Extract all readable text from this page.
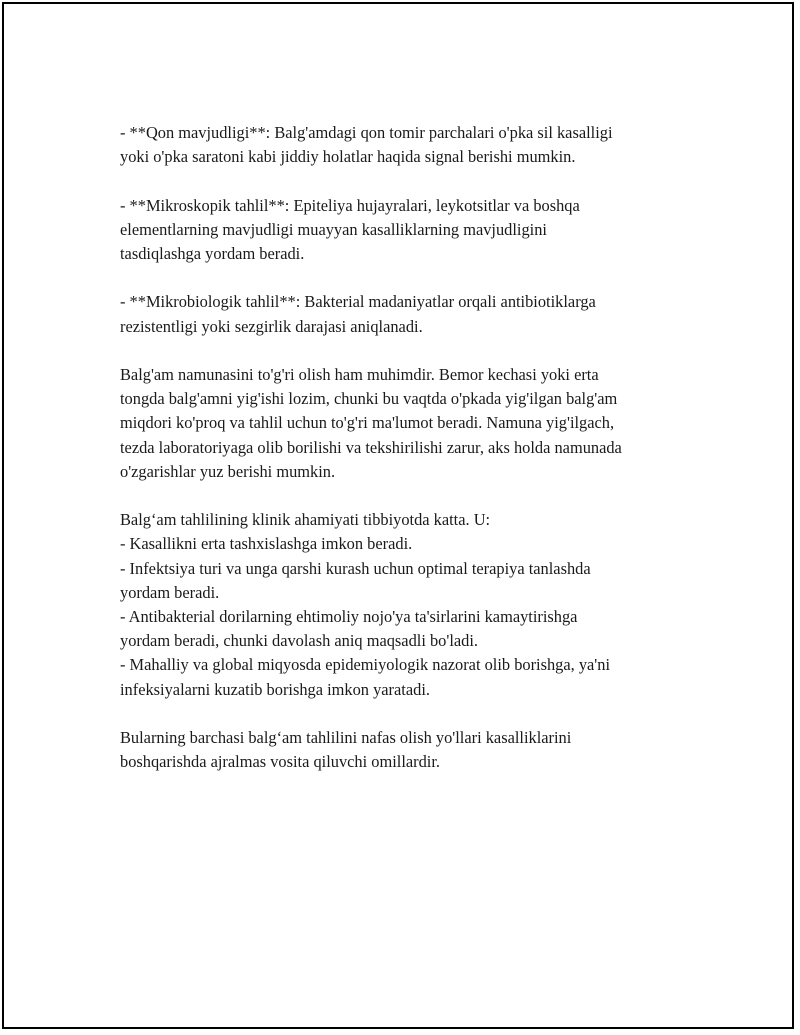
- **Qon mavjudligi**: Balg'amdagi qon tomir parchalari o'pka sil kasalligi
yoki o'pka saratoni kabi jiddiy holatlar haqida signal berishi mumkin.

- **Mikroskopik tahlil**: Epiteliya hujayralari, leykotsitlar va boshqa
elementlarning mavjudligi muayyan kasalliklarning mavjudligini
tasdiqlashga yordam beradi.

- **Mikrobiologik tahlil**: Bakterial madaniyatlar orqali antibiotiklarga
rezistentligi yoki sezgirlik darajasi aniqlanadi.

Balg'am namunasini to'g'ri olish ham muhimdir. Bemor kechasi yoki erta
tongda balg'amni yig'ishi lozim, chunki bu vaqtda o'pkada yig'ilgan balg'am
miqdori ko'proq va tahlil uchun to'g'ri ma'lumot beradi. Namuna yig'ilgach,
tezda laboratoriyaga olib borilishi va tekshirilishi zarur, aks holda namunada
o'zgarishlar yuz berishi mumkin.

Balg‘am tahlilining klinik ahamiyati tibbiyotda katta. U:
- Kasallikni erta tashxislashga imkon beradi.
- Infektsiya turi va unga qarshi kurash uchun optimal terapiya tanlashda
yordam beradi.
- Antibakterial dorilarning ehtimoliy nojo'ya ta'sirlarini kamaytirishga
yordam beradi, chunki davolash aniq maqsadli bo'ladi.
- Mahalliy va global miqyosda epidemiyologik nazorat olib borishga, ya'ni
infeksiyalarni kuzatib borishga imkon yaratadi.

Bularning barchasi balg‘am tahlilini nafas olish yo'llari kasalliklarini
boshqarishda ajralmas vosita qiluvchi omillardir.
